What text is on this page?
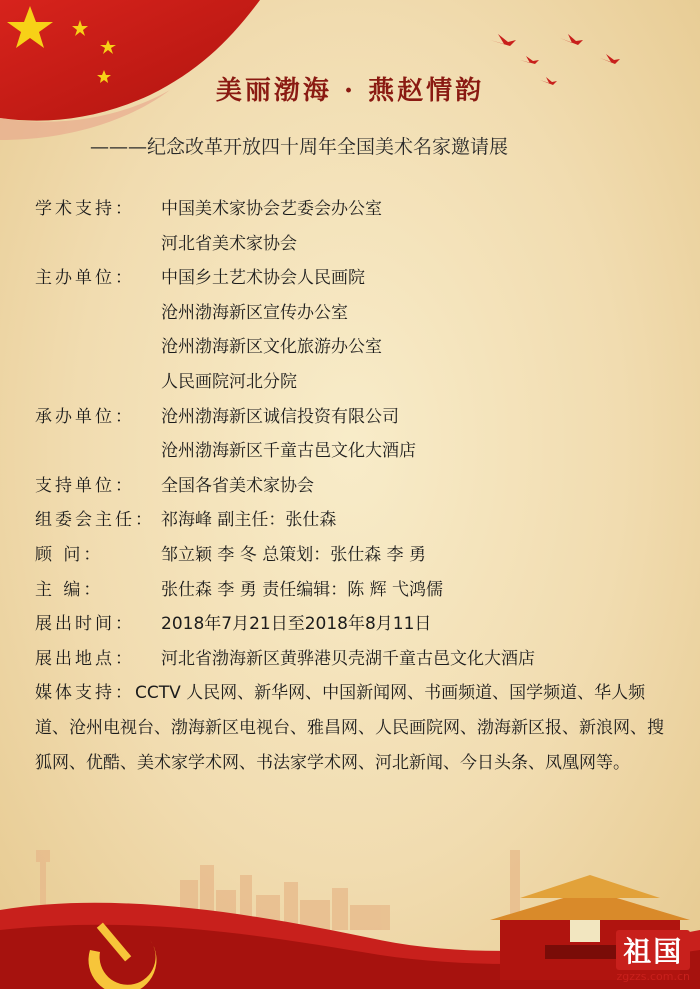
美丽渤海 · 燕赵情韵
———纪念改革开放四十周年全国美术名家邀请展
学术支持：	中国美术家协会艺委会办公室
河北省美术家协会
主办单位：	中国乡土艺术协会人民画院
沧州渤海新区宣传办公室
沧州渤海新区文化旅游办公室
人民画院河北分院
承办单位：	沧州渤海新区诚信投资有限公司
沧州渤海新区千童古邑文化大酒店
支持单位：	全国各省美术家协会
组委会主任： 祁海峰 副主任：张仕森
顾 问：	邹立颖 李 冬 总策划：张仕森 李 勇
主 编：	张仕森 李 勇 责任编辑：陈 辉 弋鸿儒
展出时间：	2018年7月21日至2018年8月11日
展出地点：	河北省渤海新区黄骅港贝壳湖千童古邑文化大酒店
媒体支持：CCTV 人民网、新华网、中国新闻网、书画频道、国学频道、华人频道、沧州电视台、渤海新区电视台、雅昌网、人民画院网、渤海新区报、新浪网、搜狐网、优酷、美术家学术网、书法家学术网、河北新闻、今日头条、凤凰网等。
祖国
zgzzs.com.cn
